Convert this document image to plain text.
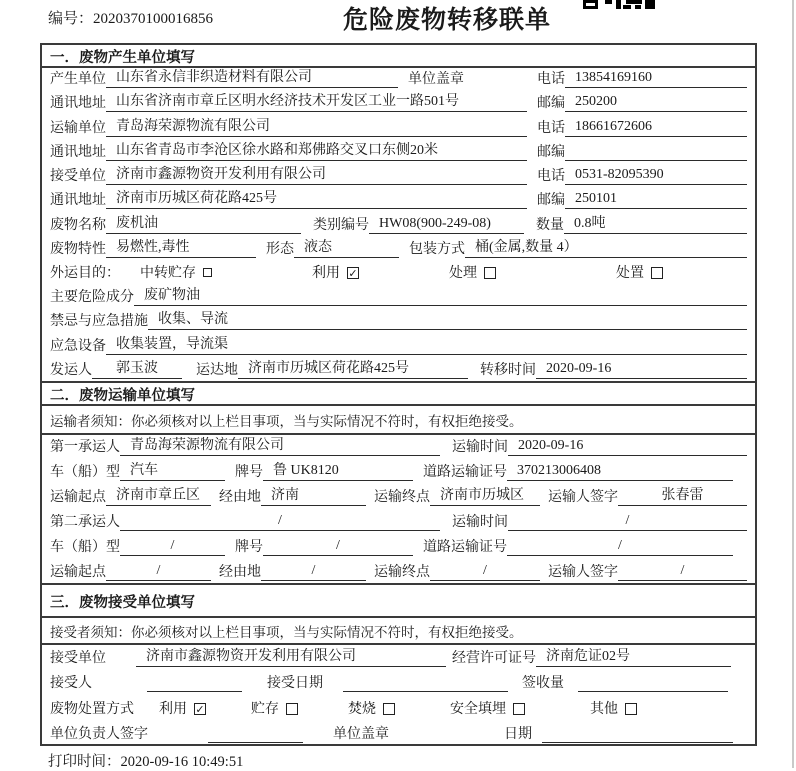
编号：2020370100016856	危险废物转移联单
一．废物产生单位填写
产生单位 山东省永信非织造材料有限公司	单位盖章	电话 13854169160
通讯地址 山东省济南市章丘区明水经济技术开发区工业一路501号	邮编 250200
运输单位 青岛海荣源物流有限公司	电话 18661672606
通讯地址 山东省青岛市李沧区徐水路和郑佛路交叉口东侧20米	邮编
接受单位 济南市鑫源物资开发利用有限公司	电话 0531-82095390
通讯地址 济南市历城区荷花路425号	邮编 250101
废物名称 废机油	类别编号 HW08(900-249-08)	数量 0.8吨
废物特性 易燃性,毒性	形态 液态	包装方式 桶(金属,数量 4）
外运目的： 中转贮存	利用 ✓	处理	处置
主要危险成分 废矿物油
禁忌与应急措施 收集、导流
应急设备 收集装置，导流渠
发运人	郭玉波	运达地 济南市历城区荷花路425号	转移时间 2020-09-16
二．废物运输单位填写
运输者须知：你必须核对以上栏目事项，当与实际情况不符时，有权拒绝接受。
第一承运人 青岛海荣源物流有限公司	运输时间 2020-09-16
车（船）型 汽车	牌号 鲁 UK8120	道路运输证号 370213006408
运输起点 济南市章丘区	经由地 济南	运输终点 济南市历城区	运输人签字	张春雷
第二承运人	/	运输时间	/
车（船）型	/	牌号	/	道路运输证号	/
运输起点	/	经由地	/	运输终点	/	运输人签字	/
三．废物接受单位填写
接受者须知：你必须核对以上栏目事项，当与实际情况不符时，有权拒绝接受。
接受单位	济南市鑫源物资开发利用有限公司	经营许可证号 济南危证02号
接受人	接受日期	签收量
废物处置方式 利用 ✓	贮存	焚烧	安全填埋	其他
单位负责人签字	单位盖章	日期
打印时间：2020-09-16 10:49:51
